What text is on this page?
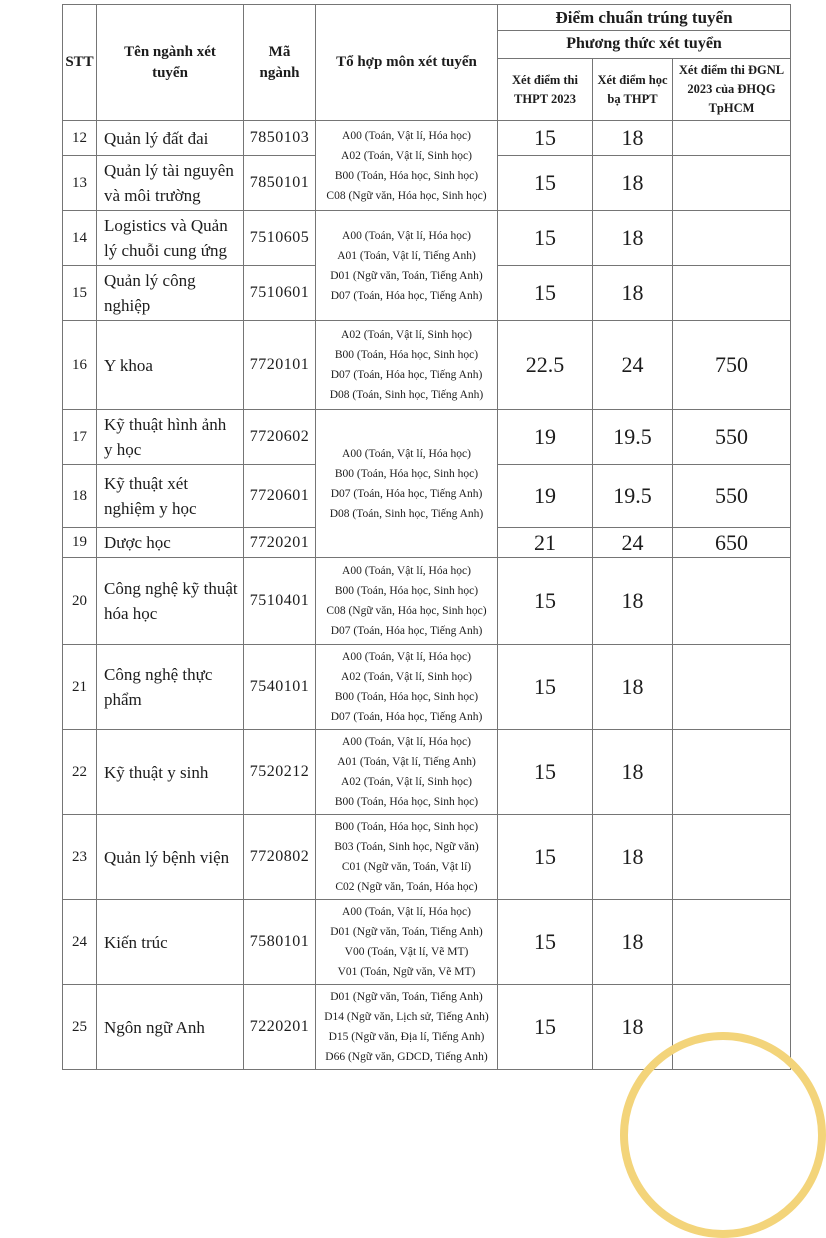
STT	Tên ngành xét tuyển	Mã ngành	Tổ hợp môn xét tuyển	Điểm chuẩn trúng tuyển		
				Phương thức xét tuyển		
				Xét điểm thi THPT 2023	Xét điểm học bạ THPT	Xét điểm thi ĐGNL 2023 của ĐHQG TpHCM
12	Quản lý đất đai	7850103	A00 (Toán, Vật lí, Hóa học)
A02 (Toán, Vật lí, Sinh học)
B00 (Toán, Hóa học, Sinh học)
C08 (Ngữ văn, Hóa học, Sinh học)	15	18	
13	Quản lý tài nguyên và môi trường	7850101		15	18	
14	Logistics và Quản lý chuỗi cung ứng	7510605	A00 (Toán, Vật lí, Hóa học)
A01 (Toán, Vật lí, Tiếng Anh)
D01 (Ngữ văn, Toán, Tiếng Anh)
D07 (Toán, Hóa học, Tiếng Anh)	15	18	
15	Quản lý công nghiệp	7510601		15	18	
16	Y khoa	7720101	A02 (Toán, Vật lí, Sinh học)
B00 (Toán, Hóa học, Sinh học)
D07 (Toán, Hóa học, Tiếng Anh)
D08 (Toán, Sinh học, Tiếng Anh)	22.5	24	750
17	Kỹ thuật hình ảnh y học	7720602	A00 (Toán, Vật lí, Hóa học)
B00 (Toán, Hóa học, Sinh học)
D07 (Toán, Hóa học, Tiếng Anh)
D08 (Toán, Sinh học, Tiếng Anh)	19	19.5	550
18	Kỹ thuật xét nghiệm y học	7720601		19	19.5	550
19	Dược học	7720201		21	24	650
20	Công nghệ kỹ thuật hóa học	7510401	A00 (Toán, Vật lí, Hóa học)
B00 (Toán, Hóa học, Sinh học)
C08 (Ngữ văn, Hóa học, Sinh học)
D07 (Toán, Hóa học, Tiếng Anh)	15	18	
21	Công nghệ thực phẩm	7540101	A00 (Toán, Vật lí, Hóa học)
A02 (Toán, Vật lí, Sinh học)
B00 (Toán, Hóa học, Sinh học)
D07 (Toán, Hóa học, Tiếng Anh)	15	18	
22	Kỹ thuật y sinh	7520212	A00 (Toán, Vật lí, Hóa học)
A01 (Toán, Vật lí, Tiếng Anh)
A02 (Toán, Vật lí, Sinh học)
B00 (Toán, Hóa học, Sinh học)	15	18	
23	Quản lý bệnh viện	7720802	B00 (Toán, Hóa học, Sinh học)
B03 (Toán, Sinh học, Ngữ văn)
C01 (Ngữ văn, Toán, Vật lí)
C02 (Ngữ văn, Toán, Hóa học)	15	18	
24	Kiến trúc	7580101	A00 (Toán, Vật lí, Hóa học)
D01 (Ngữ văn, Toán, Tiếng Anh)
V00 (Toán, Vật lí, Vẽ MT)
V01 (Toán, Ngữ văn, Vẽ MT)	15	18	
25	Ngôn ngữ Anh	7220201	D01 (Ngữ văn, Toán, Tiếng Anh)
D14 (Ngữ văn, Lịch sử, Tiếng Anh)
D15 (Ngữ văn, Địa lí, Tiếng Anh)
D66 (Ngữ văn, GDCD, Tiếng Anh)	15	18	
